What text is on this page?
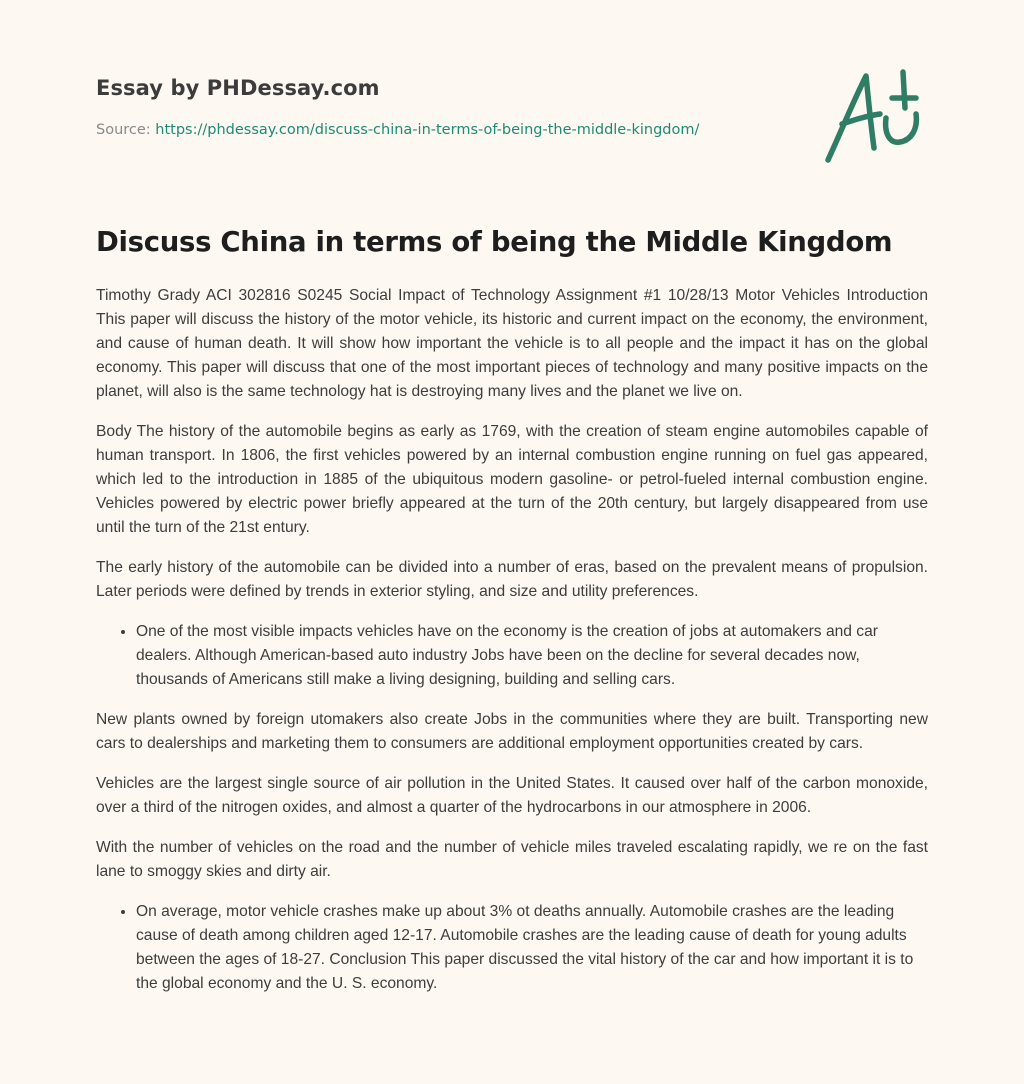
Essay by PHDessay.com
Source: https://phdessay.com/discuss-china-in-terms-of-being-the-middle-kingdom/
Discuss China in terms of being the Middle Kingdom

Timothy Grady ACI 302816 S0245 Social Impact of Technology Assignment #1 10/28/13 Motor Vehicles Introduction This paper will discuss the history of the motor vehicle, its historic and current impact on the economy, the environment, and cause of human death. It will show how important the vehicle is to all people and the impact it has on the global economy. This paper will discuss that one of the most important pieces of technology and many positive impacts on the planet, will also is the same technology hat is destroying many lives and the planet we live on.

Body The history of the automobile begins as early as 1769, with the creation of steam engine automobiles capable of human transport. In 1806, the first vehicles powered by an internal combustion engine running on fuel gas appeared, which led to the introduction in 1885 of the ubiquitous modern gasoline- or petrol-fueled internal combustion engine. Vehicles powered by electric power briefly appeared at the turn of the 20th century, but largely disappeared from use until the turn of the 21st entury.

The early history of the automobile can be divided into a number of eras, based on the prevalent means of propulsion. Later periods were defined by trends in exterior styling, and size and utility preferences.

• One of the most visible impacts vehicles have on the economy is the creation of jobs at automakers and car dealers. Although American-based auto industry Jobs have been on the decline for several decades now, thousands of Americans still make a living designing, building and selling cars.

New plants owned by foreign utomakers also create Jobs in the communities where they are built. Transporting new cars to dealerships and marketing them to consumers are additional employment opportunities created by cars.

Vehicles are the largest single source of air pollution in the United States. It caused over half of the carbon monoxide, over a third of the nitrogen oxides, and almost a quarter of the hydrocarbons in our atmosphere in 2006.

With the number of vehicles on the road and the number of vehicle miles traveled escalating rapidly, we re on the fast lane to smoggy skies and dirty air.

• On average, motor vehicle crashes make up about 3% ot deaths annually. Automobile crashes are the leading cause of death among children aged 12-17. Automobile crashes are the leading cause of death for young adults between the ages of 18-27. Conclusion This paper discussed the vital history of the car and how important it is to the global economy and the U. S. economy.
